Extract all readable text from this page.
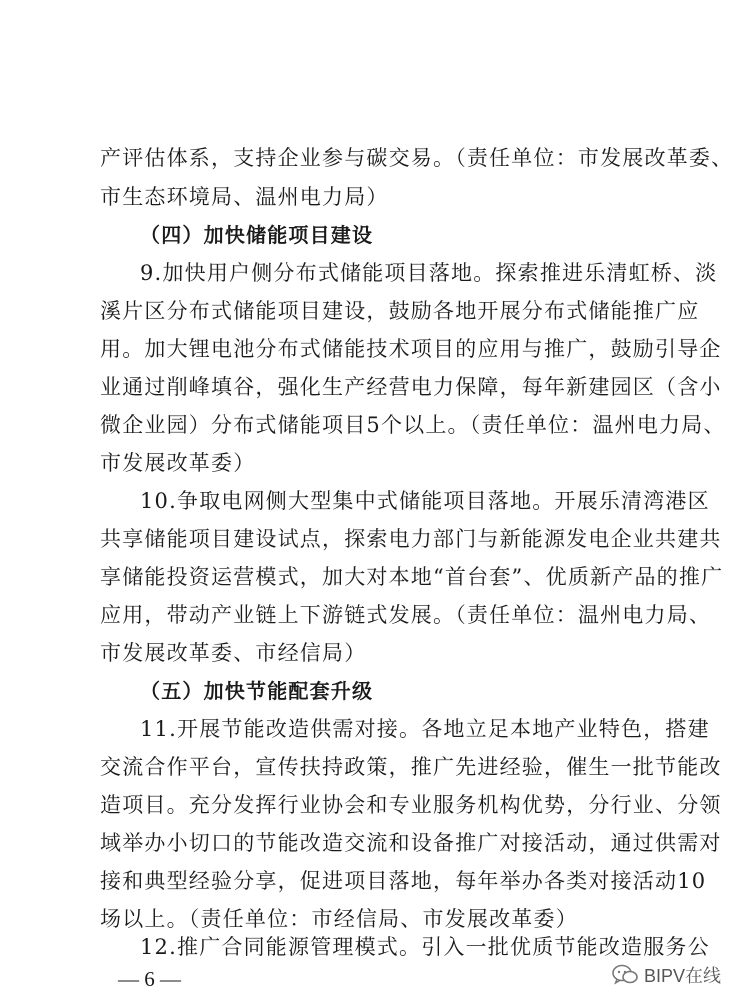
产评估体系，支持企业参与碳交易。（责任单位：市发展改革委、
市生态环境局、温州电力局）
（四）加快储能项目建设
9.加快用户侧分布式储能项目落地。探索推进乐清虹桥、淡
溪片区分布式储能项目建设，鼓励各地开展分布式储能推广应
用。加大锂电池分布式储能技术项目的应用与推广，鼓励引导企
业通过削峰填谷，强化生产经营电力保障，每年新建园区（含小
微企业园）分布式储能项目5个以上。（责任单位：温州电力局、
市发展改革委）
10.争取电网侧大型集中式储能项目落地。开展乐清湾港区
共享储能项目建设试点，探索电力部门与新能源发电企业共建共
享储能投资运营模式，加大对本地“首台套”、优质新产品的推广
应用，带动产业链上下游链式发展。（责任单位：温州电力局、
市发展改革委、市经信局）
（五）加快节能配套升级
11.开展节能改造供需对接。各地立足本地产业特色，搭建
交流合作平台，宣传扶持政策，推广先进经验，催生一批节能改
造项目。充分发挥行业协会和专业服务机构优势，分行业、分领
域举办小切口的节能改造交流和设备推广对接活动，通过供需对
接和典型经验分享，促进项目落地，每年举办各类对接活动10
场以上。（责任单位：市经信局、市发展改革委）
12.推广合同能源管理模式。引入一批优质节能改造服务公
— 6 —	BIPV在线
